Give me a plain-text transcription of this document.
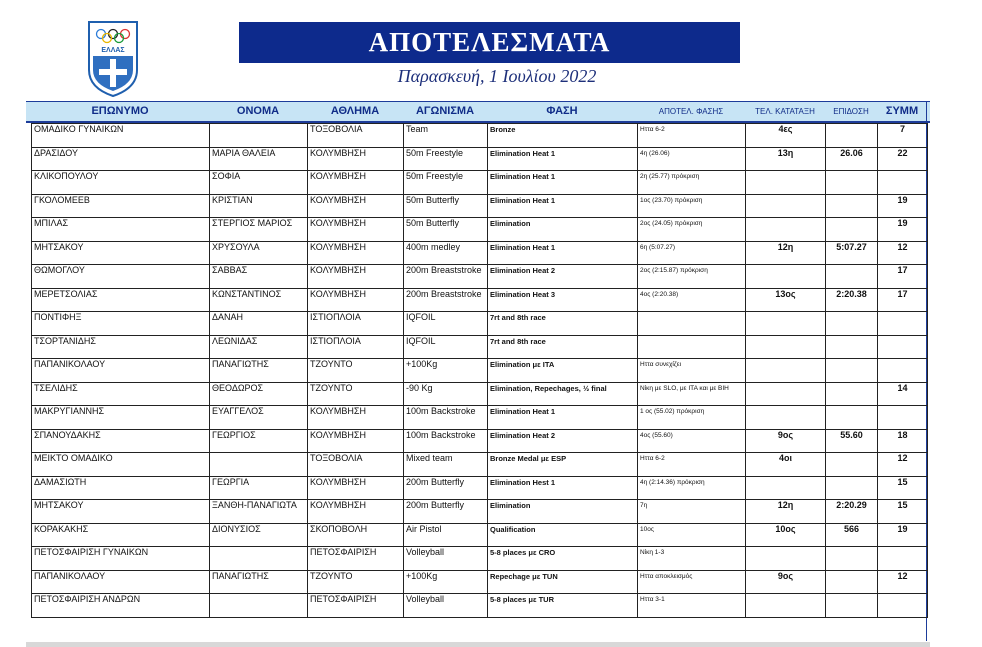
ΕΛΛΑΣ	ΑΠΟΤΕΛΕΣΜΑΤΑ
Παρασκευή, 1 Ιουλίου 2022
ΕΠΩΝΥΜΟ	ΟΝΟΜΑ	ΑΘΛΗΜΑ	ΑΓΩΝΙΣΜΑ	ΦΑΣΗ	ΑΠΟΤΕΛ. ΦΑΣΗΣ	ΤΕΛ. ΚΑΤΑΤΑΞΗ	ΕΠΙΔΟΣΗ	ΣΥΜΜ
ΟΜΑΔΙΚΟ ΓΥΝΑΙΚΩΝ		ΤΟΞΟΒΟΛΙΑ	Team	Bronze	Ηττα 6-2	4ες		7
ΔΡΑΣΙΔΟΥ	ΜΑΡΙΑ ΘΑΛΕΙΑ	ΚΟΛΥΜΒΗΣΗ	50m Freestyle	Elimination Heat 1	4η (26.06)	13η	26.06	22
ΚΛΙΚΟΠΟΥΛΟΥ	ΣΟΦΙΑ	ΚΟΛΥΜΒΗΣΗ	50m Freestyle	Elimination Heat 1	2η (25.77) πρόκριση			
ΓΚΟΛΟΜΕΕΒ	ΚΡΙΣΤΙΑΝ	ΚΟΛΥΜΒΗΣΗ	50m Butterfly	Elimination Heat 1	1ος (23.70) πρόκριση			19
ΜΠΙΛΑΣ	ΣΤΕΡΓΙΟΣ ΜΑΡΙΟΣ	ΚΟΛΥΜΒΗΣΗ	50m Butterfly	Elimination	2ος (24.05) πρόκριση			19
ΜΗΤΣΑΚΟΥ	ΧΡΥΣΟΥΛΑ	ΚΟΛΥΜΒΗΣΗ	400m medley	Elimination Heat 1	6η (5:07.27)	12η	5:07.27	12
ΘΩΜΟΓΛΟΥ	ΣΑΒΒΑΣ	ΚΟΛΥΜΒΗΣΗ	200m Breaststroke	Elimination Heat 2	2ος (2:15.87) πρόκριση			17
ΜΕΡΕΤΣΟΛΙΑΣ	ΚΩΝΣΤΑΝΤΙΝΟΣ	ΚΟΛΥΜΒΗΣΗ	200m Breaststroke	Elimination Heat 3	4ος (2:20.38)	13ος	2:20.38	17
ΠΟΝΤΙΦΗΞ	ΔΑΝΑΗ	ΙΣΤΙΟΠΛΟΙΑ	IQFOIL	7rt and 8th race				
ΤΣΟΡΤΑΝΙΔΗΣ	ΛΕΩΝΙΔΑΣ	ΙΣΤΙΟΠΛΟΙΑ	IQFOIL	7rt and 8th race				
ΠΑΠΑΝΙΚΟΛΑΟΥ	ΠΑΝΑΓΙΩΤΗΣ	ΤΖΟΥΝΤΟ	+100Kg	Elimination με ΙΤΑ	Ηττα συνεχίζει			
ΤΣΕΛΙΔΗΣ	ΘΕΟΔΩΡΟΣ	ΤΖΟΥΝΤΟ	-90 Kg	Elimination, Repechages, ½ final	Νίκη με SLO, με ΙΤΑ και με ΒΙΗ			14
ΜΑΚΡΥΓΙΑΝΝΗΣ	ΕΥΑΓΓΕΛΟΣ	ΚΟΛΥΜΒΗΣΗ	100m Backstroke	Elimination Heat 1	1 ος (55.02) πρόκριση			
ΣΠΑΝΟΥΔΑΚΗΣ	ΓΕΩΡΓΙΟΣ	ΚΟΛΥΜΒΗΣΗ	100m Backstroke	Elimination Heat 2	4ος (55.60)	9ος	55.60	18
ΜΕΙΚΤΟ ΟΜΑΔΙΚΟ		ΤΟΞΟΒΟΛΙΑ	Mixed team	Bronze Medal με ESP	Ηττα 6-2	4οι		12
ΔΑΜΑΣΙΩΤΗ	ΓΕΩΡΓΙΑ	ΚΟΛΥΜΒΗΣΗ	200m Butterfly	Elimination Hest 1	4η (2:14.36) πρόκριση			15
ΜΗΤΣΑΚΟΥ	ΞΑΝΘΗ-ΠΑΝΑΓΙΩΤΑ	ΚΟΛΥΜΒΗΣΗ	200m Butterfly	Elimination	7η	12η	2:20.29	15
ΚΟΡΑΚΑΚΗΣ	ΔΙΟΝΥΣΙΟΣ	ΣΚΟΠΟΒΟΛΗ	Air Pistol	Qualification	10ος	10ος	566	19
ΠΕΤΟΣΦΑΙΡΙΣΗ ΓΥΝΑΙΚΩΝ		ΠΕΤΟΣΦΑΙΡΙΣΗ	Volleyball	5-8 places με CRO	Νίκη 1-3			
ΠΑΠΑΝΙΚΟΛΑΟΥ	ΠΑΝΑΓΙΩΤΗΣ	ΤΖΟΥΝΤΟ	+100Kg	Repechage με TUN	Ηττα αποκλεισμός	9ος		12
ΠΕΤΟΣΦΑΙΡΙΣΗ ΑΝΔΡΩΝ		ΠΕΤΟΣΦΑΙΡΙΣΗ	Volleyball	5-8 places με TUR	Ηττα 3-1			
